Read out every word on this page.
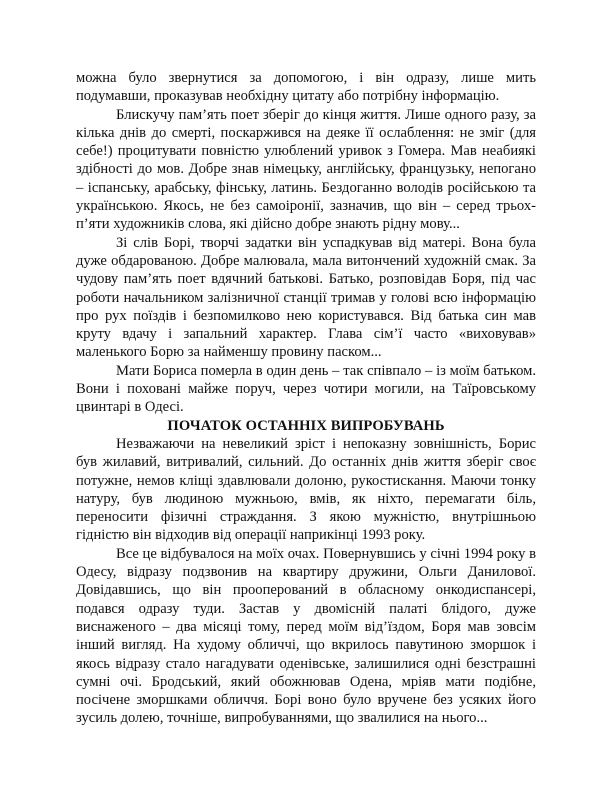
можна було звернутися за допомогою, і він одразу, лише мить подумавши, проказував необхідну цитату або потрібну інформацію.

Блискучу пам’ять поет зберіг до кінця життя. Лише одного разу, за кілька днів до смерті, поскаржився на деяке її ослаблення: не зміг (для себе!) процитувати повністю улюблений уривок з Гомера. Мав неабиякі здібності до мов. Добре знав німецьку, англійську, французьку, непогано – іспанську, арабську, фінську, латинь. Бездоганно володів російською та українською. Якось, не без самоіронії, зазначив, що він – серед трьох-п’яти художників слова, які дійсно добре знають рідну мову...

Зі слів Борі, творчі задатки він успадкував від матері. Вона була дуже обдарованою. Добре малювала, мала витончений художній смак. За чудову пам’ять поет вдячний батькові. Батько, розповідав Боря, під час роботи начальником залізничної станції тримав у голові всю інформацію про рух поїздів і безпомилково нею користувався. Від батька син мав круту вдачу і запальний характер. Глава сім’ї часто «виховував» маленького Борю за найменшу провину паском...

Мати Бориса померла в один день – так співпало – із моїм батьком. Вони і поховані майже поруч, через чотири могили, на Таїровському цвинтарі в Одесі.

ПОЧАТОК ОСТАННІХ ВИПРОБУВАНЬ

Незважаючи на невеликий зріст і непоказну зовнішність, Борис був жилавий, витривалий, сильний. До останніх днів життя зберіг своє потужне, немов кліщі здавлювали долоню, рукостискання. Маючи тонку натуру, був людиною мужньою, вмів, як ніхто, перемагати біль, переносити фізичні страждання. З якою мужністю, внутрішньою гідністю він відходив від операції наприкінці 1993 року.

Все це відбувалося на моїх очах. Повернувшись у січні 1994 року в Одесу, відразу подзвонив на квартиру дружини, Ольги Данилової. Довідавшись, що він прооперований в обласному онкодиспансері, подався одразу туди. Застав у двомісній палаті блідого, дуже виснаженого – два місяці тому, перед моїм від’їздом, Боря мав зовсім інший вигляд. На худому обличчі, що вкрилось павутиною зморшок і якось відразу стало нагадувати оденівське, залишилися одні безстрашні сумні очі. Бродський, який обожнював Одена, мріяв мати подібне, посічене зморшками обличчя. Борі воно було вручене без усяких його зусиль долею, точніше, випробуваннями, що звалилися на нього...
